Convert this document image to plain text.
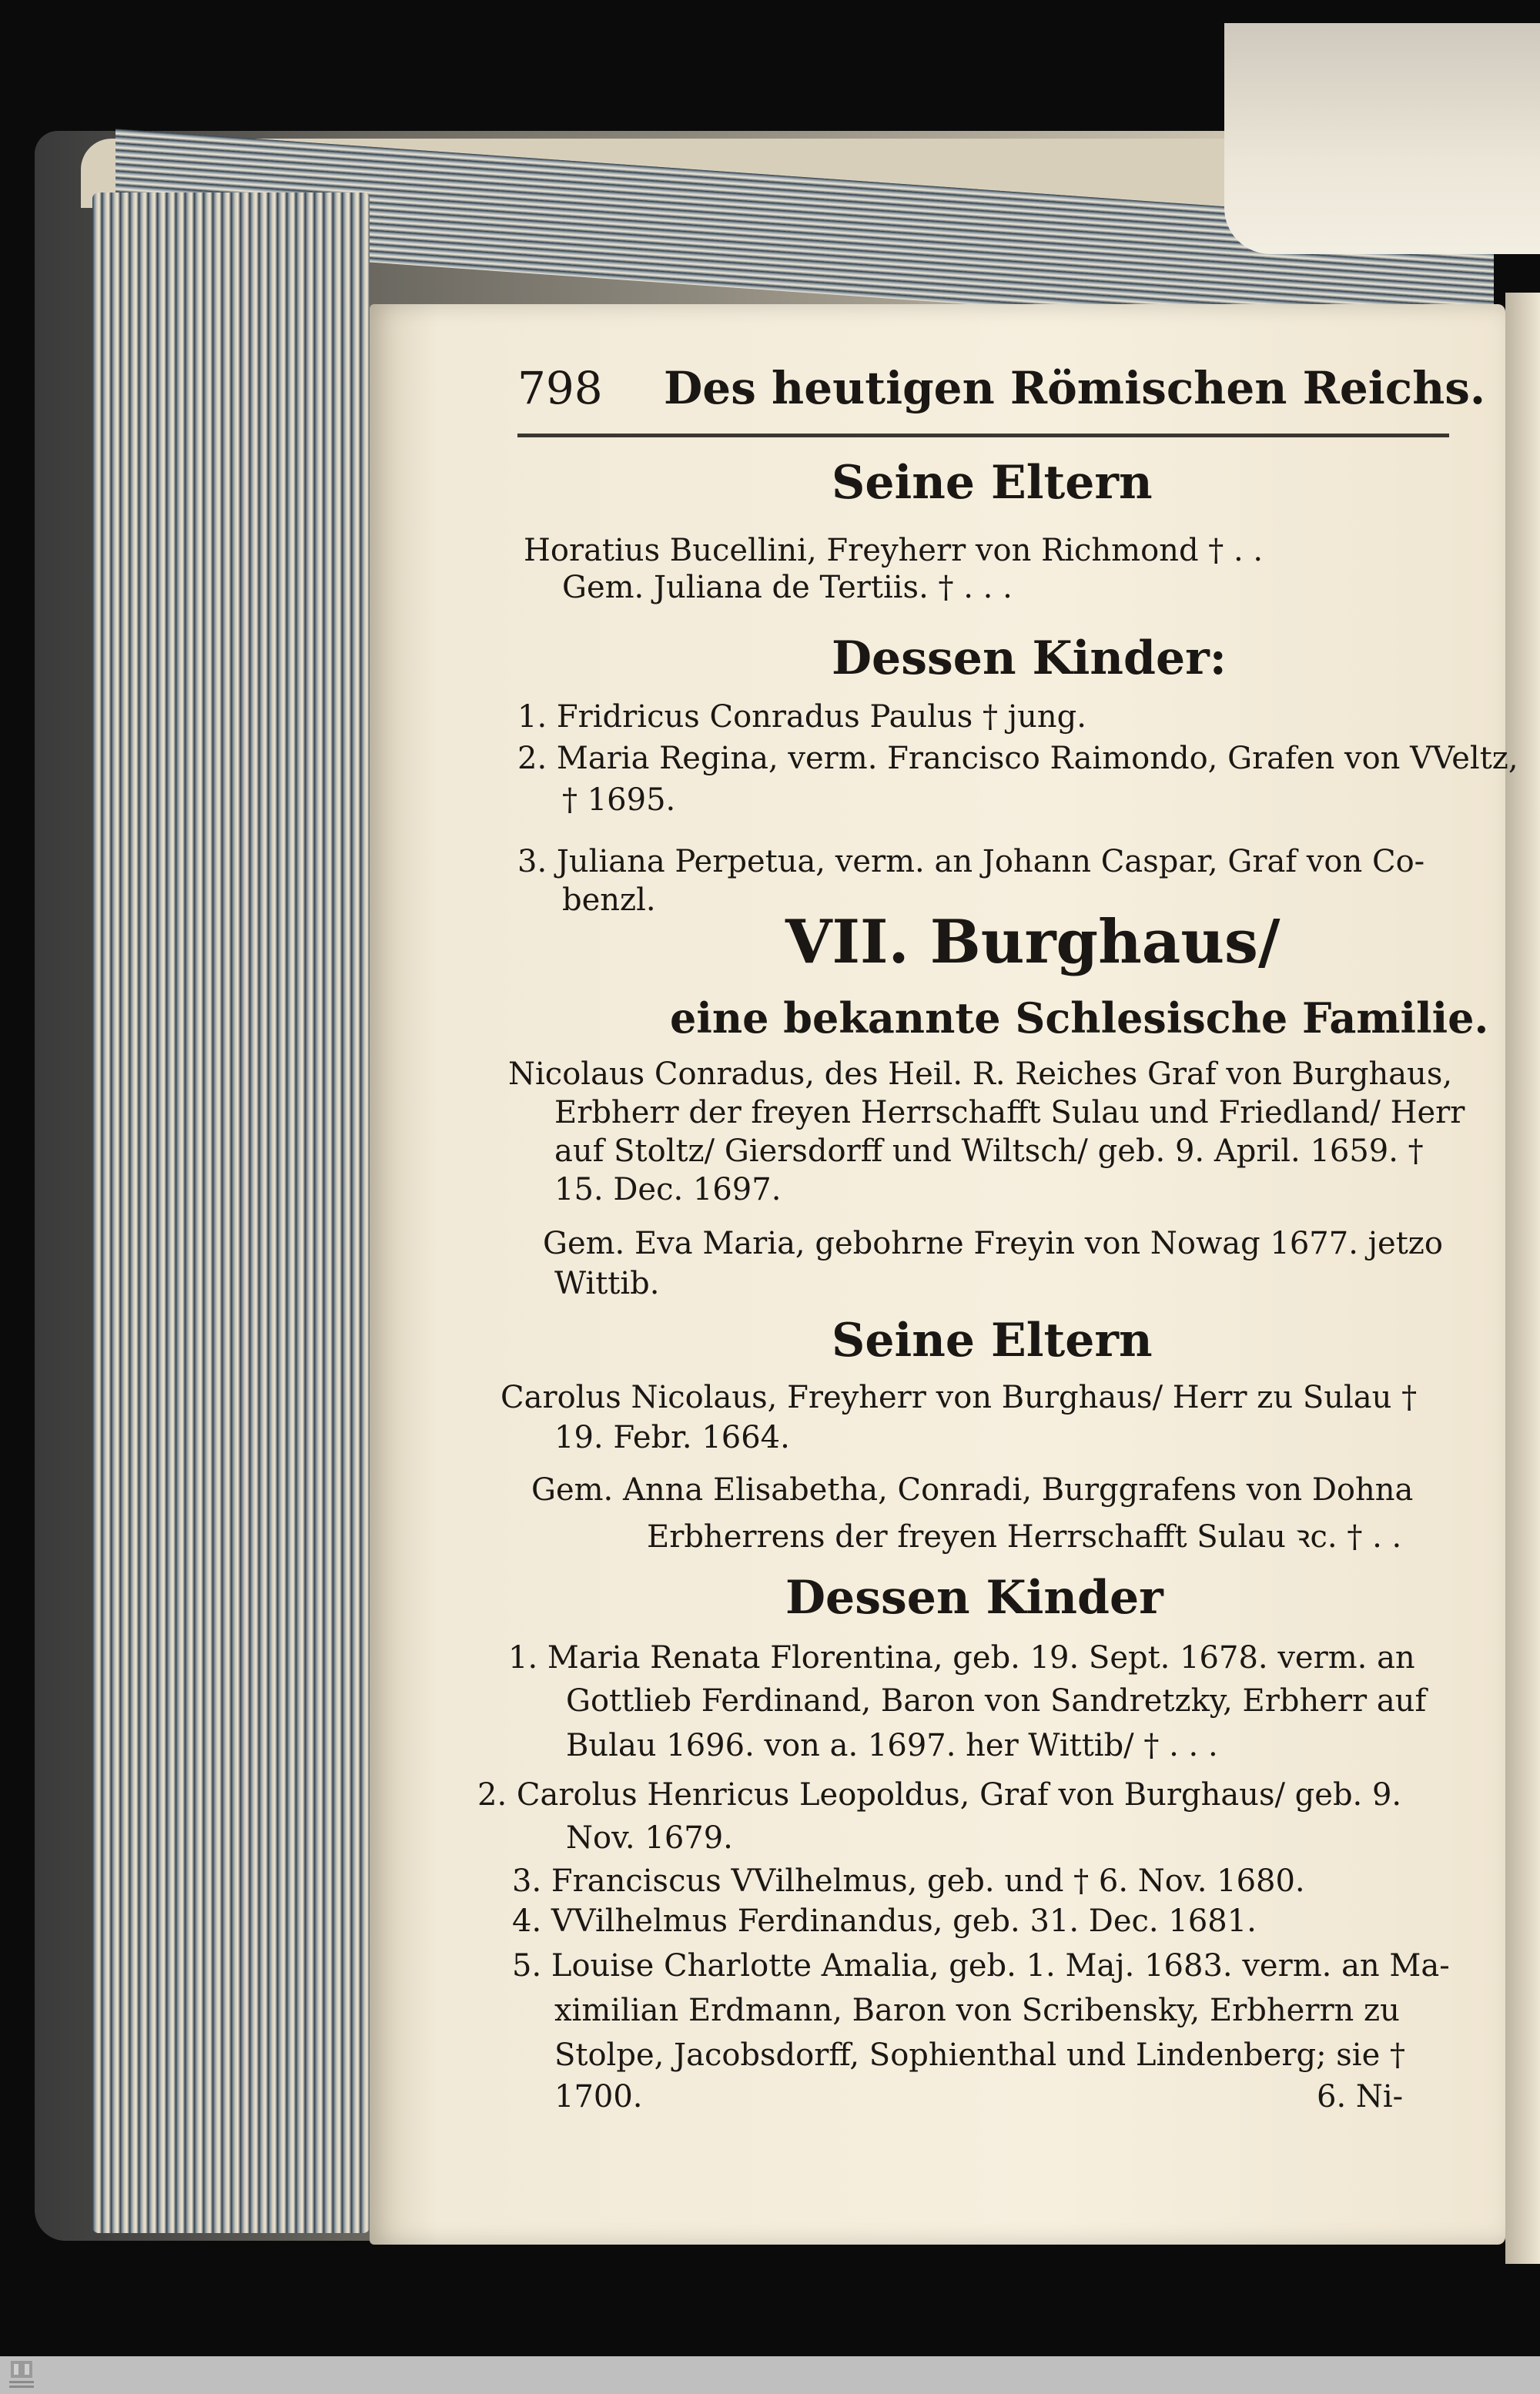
798 Des heutigen Römischen Reichs.
Seine Eltern
Horatius Bucellini, Freyherr von Richmond † . .
Gem. Juliana de Tertiis. † . . .
Dessen Kinder:
1. Fridricus Conradus Paulus † jung.
2. Maria Regina, verm. Francisco Raimondo, Grafen von VVeltz,
† 1695.
3. Juliana Perpetua, verm. an Johann Caspar, Graf von Co-
benzl.
VII. Burghaus/
eine bekannte Schlesische Familie.
Nicolaus Conradus, des Heil. R. Reiches Graf von Burghaus,
Erbherr der freyen Herrschafft Sulau und Friedland/ Herr
auf Stoltz/ Giersdorff und Wiltsch/ geb. 9. April. 1659. †
15. Dec. 1697.
Gem. Eva Maria, gebohrne Freyin von Nowag 1677. jetzo
Wittib.
Seine Eltern
Carolus Nicolaus, Freyherr von Burghaus/ Herr zu Sulau †
19. Febr. 1664.
Gem. Anna Elisabetha, Conradi, Burggrafens von Dohna
Erbherrens der freyen Herrschafft Sulau ꝛc. † . .
Dessen Kinder
1. Maria Renata Florentina, geb. 19. Sept. 1678. verm. an
Gottlieb Ferdinand, Baron von Sandretzky, Erbherr auf
Bulau 1696. von a. 1697. her Wittib/ † . . .
2. Carolus Henricus Leopoldus, Graf von Burghaus/ geb. 9.
Nov. 1679.
3. Franciscus VVilhelmus, geb. und † 6. Nov. 1680.
4. VVilhelmus Ferdinandus, geb. 31. Dec. 1681.
5. Louise Charlotte Amalia, geb. 1. Maj. 1683. verm. an Ma-
ximilian Erdmann, Baron von Scribensky, Erbherrn zu
Stolpe, Jacobsdorff, Sophienthal und Lindenberg; sie †
1700.	6. Ni-
